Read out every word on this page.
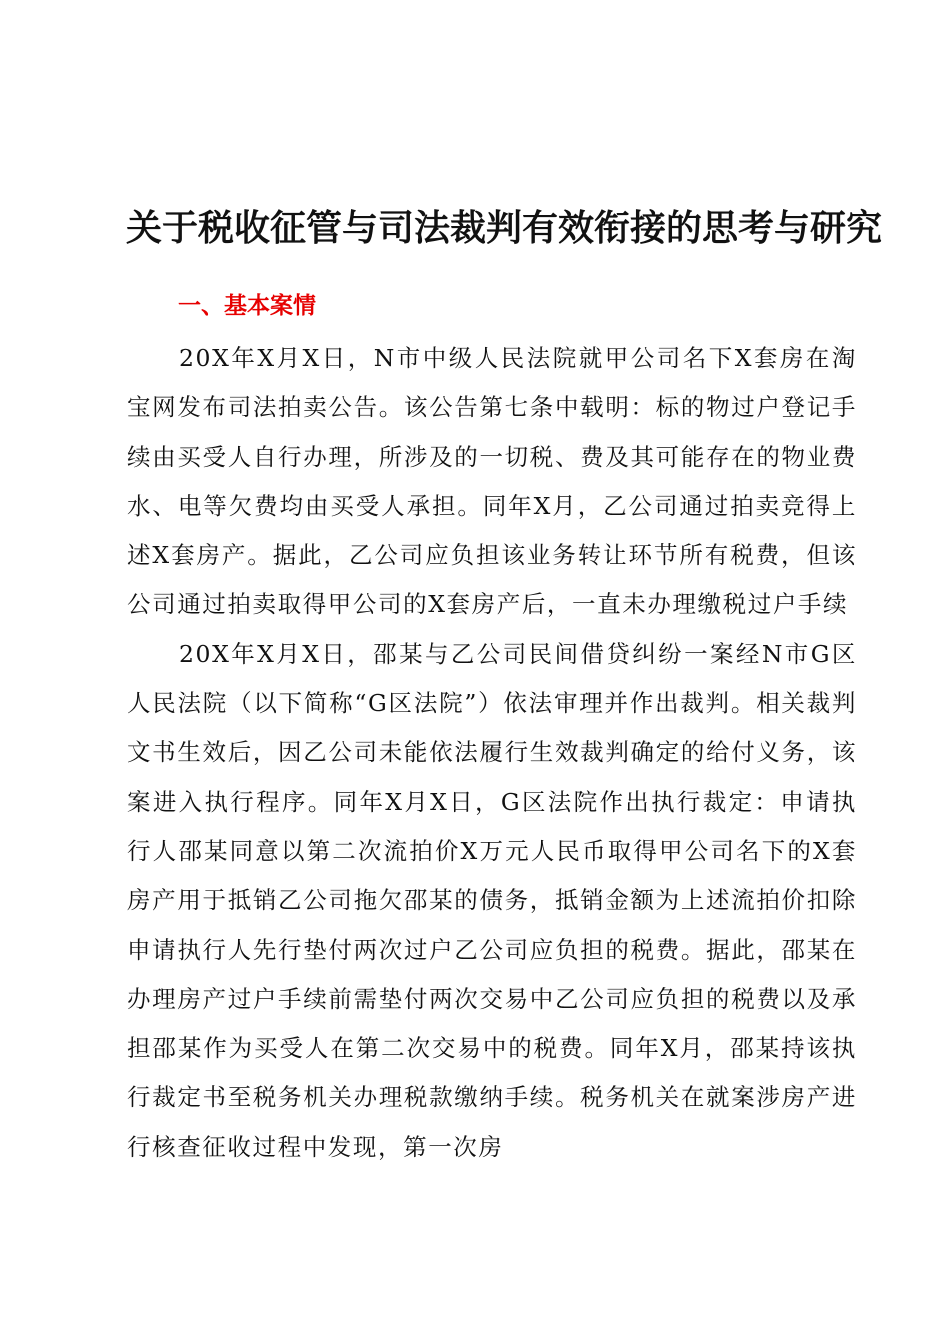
关于税收征管与司法裁判有效衔接的思考与研究
一、基本案情

20X年X月X日，N市中级人民法院就甲公司名下X套房在淘宝网发布司法拍卖公告。该公告第七条中载明：标的物过户登记手续由买受人自行办理，所涉及的一切税、费及其可能存在的物业费水、电等欠费均由买受人承担。同年X月，乙公司通过拍卖竞得上述X套房产。据此，乙公司应负担该业务转让环节所有税费，但该公司通过拍卖取得甲公司的X套房产后，一直未办理缴税过户手续

20X年X月X日，邵某与乙公司民间借贷纠纷一案经N市G区人民法院（以下简称“G区法院”）依法审理并作出裁判。相关裁判文书生效后，因乙公司未能依法履行生效裁判确定的给付义务，该案进入执行程序。同年X月X日，G区法院作出执行裁定：申请执行人邵某同意以第二次流拍价X万元人民币取得甲公司名下的X套房产用于抵销乙公司拖欠邵某的债务，抵销金额为上述流拍价扣除申请执行人先行垫付两次过户乙公司应负担的税费。据此，邵某在办理房产过户手续前需垫付两次交易中乙公司应负担的税费以及承担邵某作为买受人在第二次交易中的税费。同年X月，邵某持该执行裁定书至税务机关办理税款缴纳手续。税务机关在就案涉房产进行核查征收过程中发现，第一次房
